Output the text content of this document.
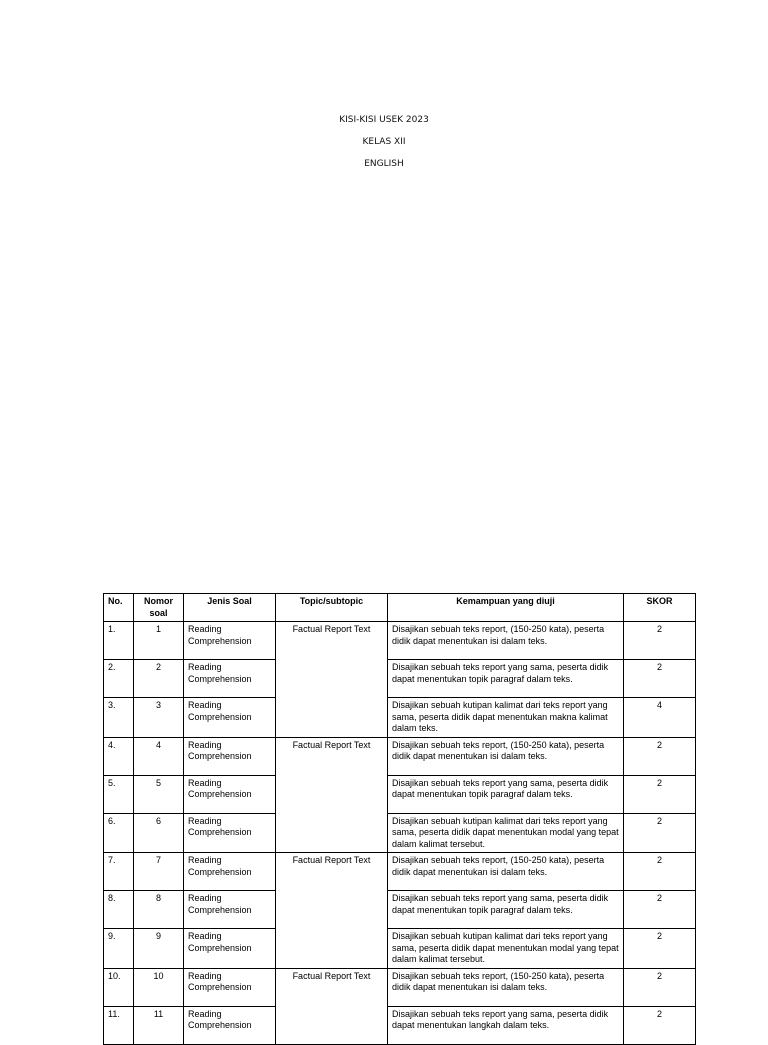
KISI-KISI USEK 2023
KELAS XII
ENGLISH
No.	Nomor soal	Jenis Soal	Topic/subtopic	Kemampuan yang diuji	SKOR
1.	1	Reading Comprehension	Factual Report Text	Disajikan sebuah teks report, (150-250 kata), peserta didik dapat menentukan isi dalam teks.	2
2.	2	Reading Comprehension		Disajikan sebuah teks report yang sama, peserta didik dapat menentukan topik paragraf dalam teks.	2
3.	3	Reading Comprehension		Disajikan sebuah kutipan kalimat dari teks report yang sama, peserta didik dapat menentukan makna kalimat dalam teks.	4
4.	4	Reading Comprehension	Factual Report Text	Disajikan sebuah teks report, (150-250 kata), peserta didik dapat menentukan isi dalam teks.	2
5.	5	Reading Comprehension		Disajikan sebuah teks report yang sama, peserta didik dapat menentukan topik paragraf dalam teks.	2
6.	6	Reading Comprehension		Disajikan sebuah kutipan kalimat dari teks report yang sama, peserta didik dapat menentukan modal yang tepat dalam kalimat tersebut.	2
7.	7	Reading Comprehension	Factual Report Text	Disajikan sebuah teks report, (150-250 kata), peserta didik dapat menentukan isi dalam teks.	2
8.	8	Reading Comprehension		Disajikan sebuah teks report yang sama, peserta didik dapat menentukan topik paragraf dalam teks.	2
9.	9	Reading Comprehension		Disajikan sebuah kutipan kalimat dari teks report yang sama, peserta didik dapat menentukan modal yang tepat dalam kalimat tersebut.	2
10.	10	Reading Comprehension	Factual Report Text	Disajikan sebuah teks report, (150-250 kata), peserta didik dapat menentukan isi dalam teks.	2
11.	11	Reading Comprehension		Disajikan sebuah teks report yang sama, peserta didik dapat menentukan langkah dalam teks.	2
